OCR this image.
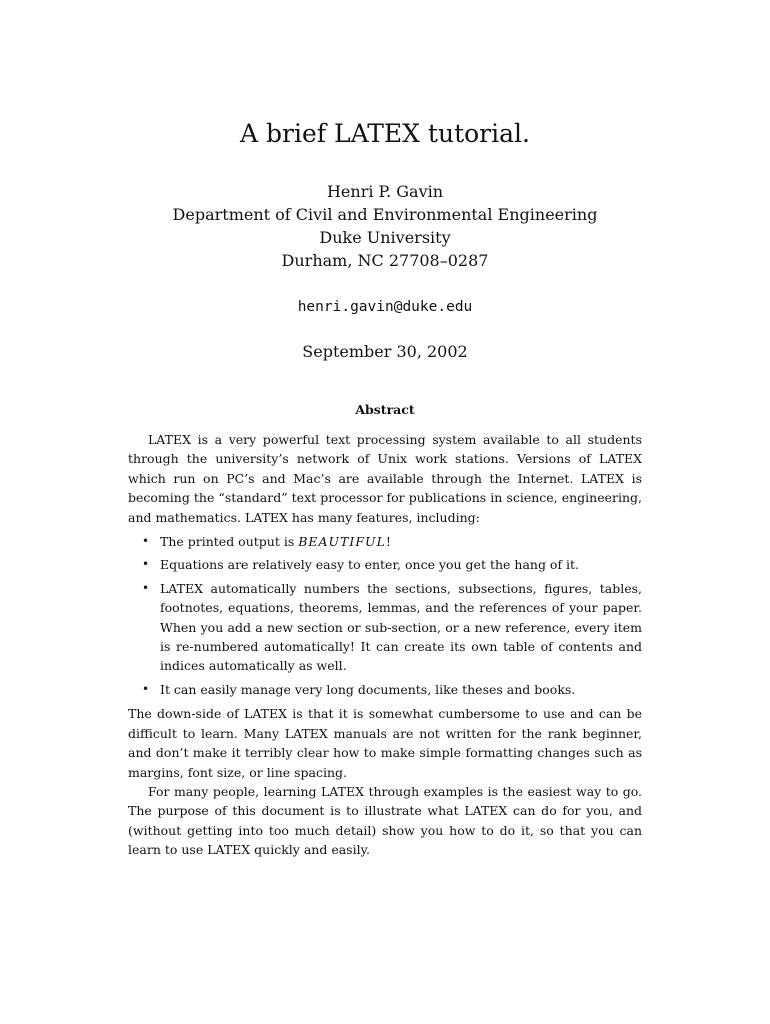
A brief LATEX tutorial.
Henri P. Gavin
Department of Civil and Environmental Engineering
Duke University
Durham, NC 27708–0287
henri.gavin@duke.edu
September 30, 2002
Abstract

LATEX is a very powerful text processing system available to all students through the university’s network of Unix work stations. Versions of LATEX which run on PC’s and Mac’s are available through the Internet. LATEX is becoming the “standard” text processor for publications in science, engineering, and mathematics. LATEX has many features, including:

• The printed output is BEAUTIFUL!
• Equations are relatively easy to enter, once you get the hang of it.
• LATEX automatically numbers the sections, subsections, figures, tables, footnotes, equations, theorems, lemmas, and the references of your paper. When you add a new section or sub-section, or a new reference, every item is re-numbered automatically! It can create its own table of contents and indices automatically as well.
• It can easily manage very long documents, like theses and books.

The down-side of LATEX is that it is somewhat cumbersome to use and can be difficult to learn. Many LATEX manuals are not written for the rank beginner, and don’t make it terribly clear how to make simple formatting changes such as margins, font size, or line spacing.

For many people, learning LATEX through examples is the easiest way to go. The purpose of this document is to illustrate what LATEX can do for you, and (without getting into too much detail) show you how to do it, so that you can learn to use LATEX quickly and easily.
